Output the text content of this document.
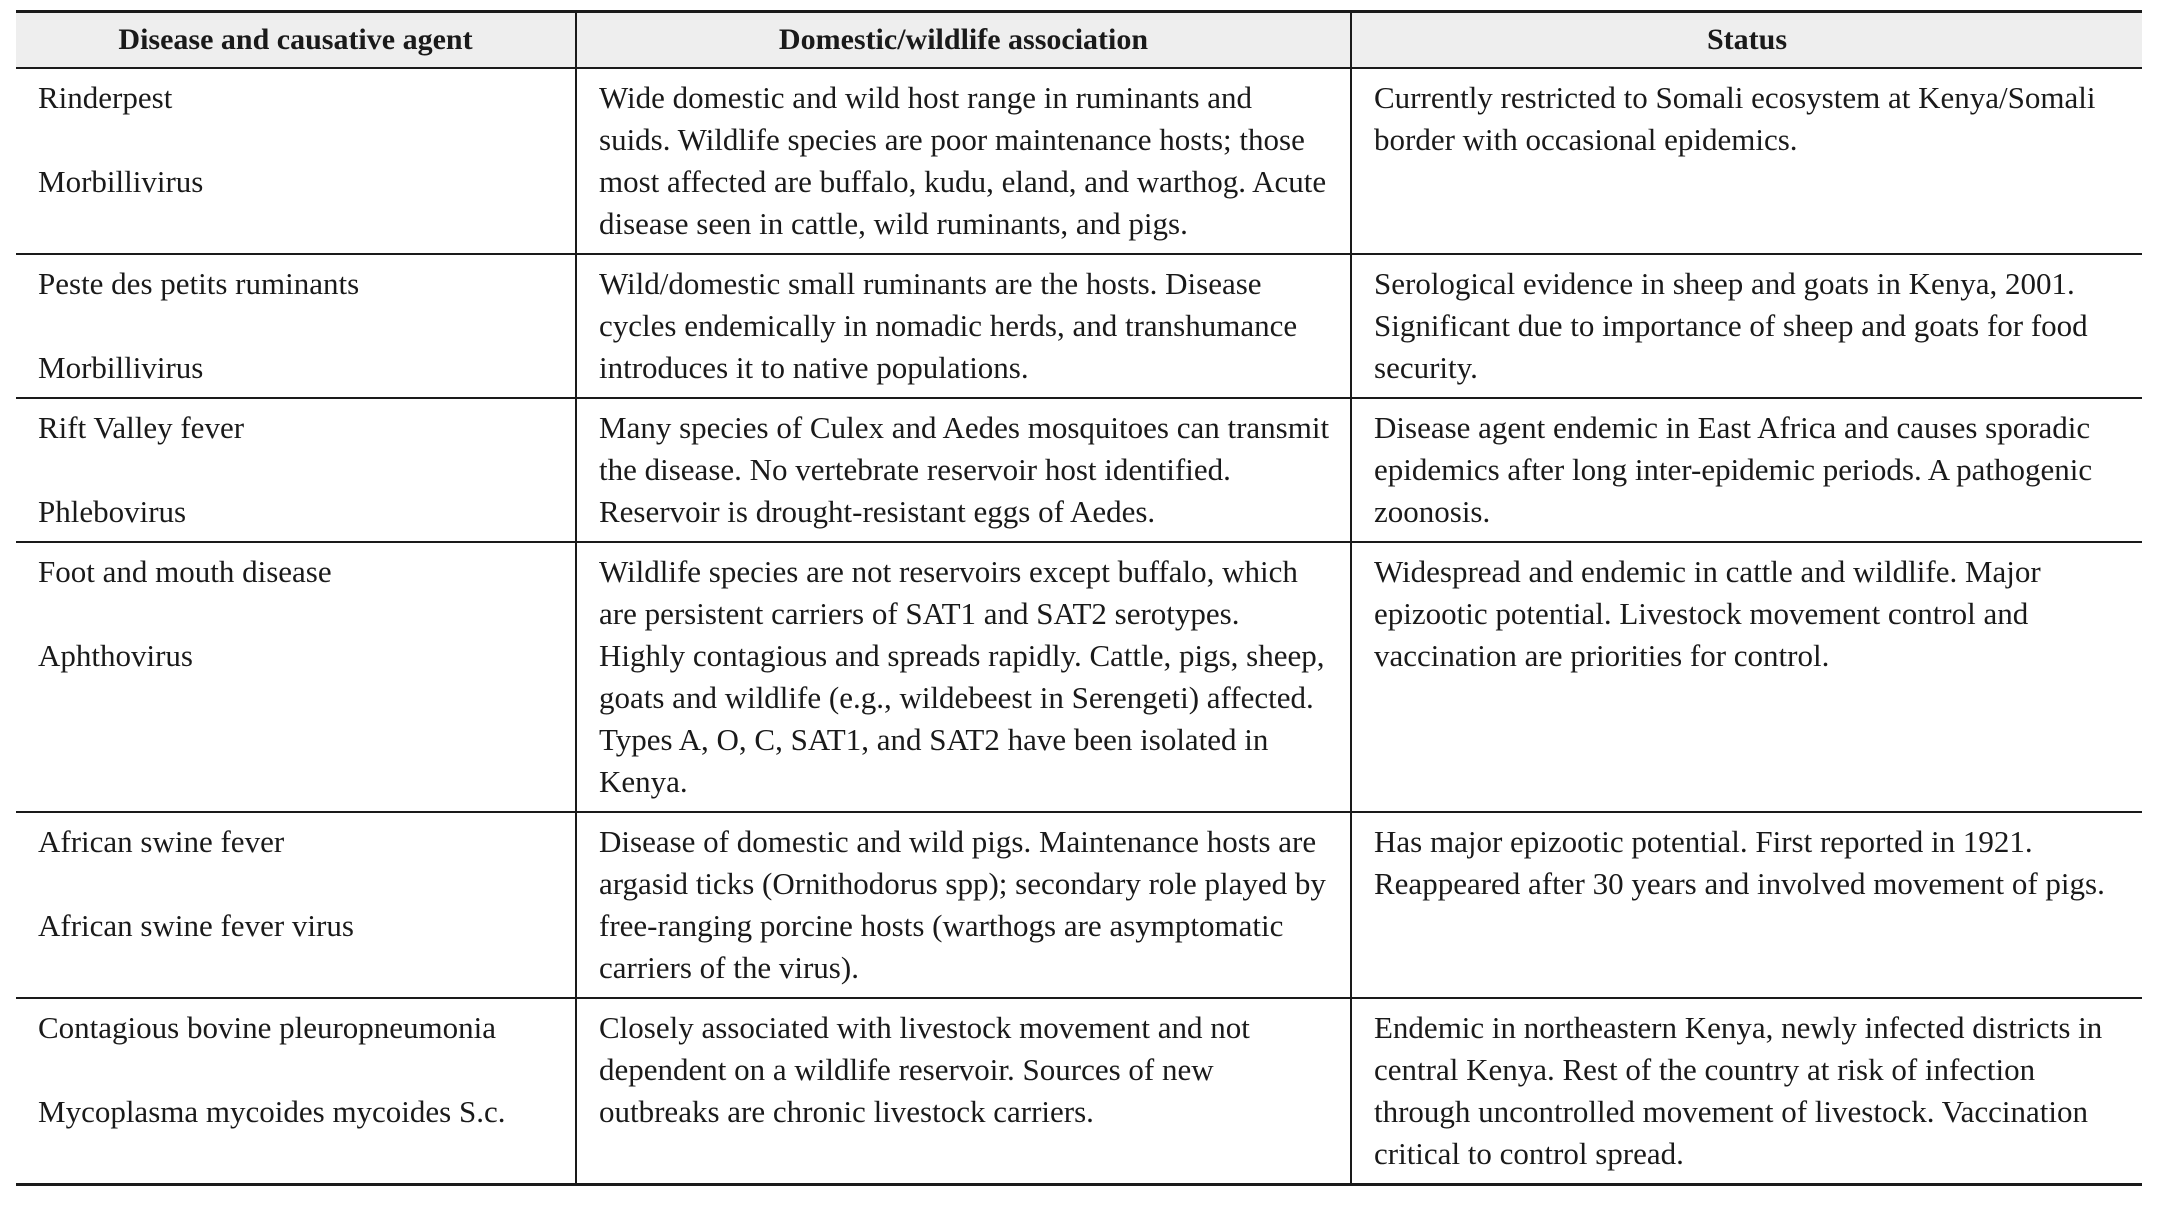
Disease and causative agent	Domestic/wildlife association	Status

Rinderpest
Morbillivirus	Wide domestic and wild host range in ruminants and suids. Wildlife species are poor maintenance hosts; those most affected are buffalo, kudu, eland, and warthog. Acute disease seen in cattle, wild ruminants, and pigs.	Currently restricted to Somali ecosystem at Kenya/Somali border with occasional epidemics.

Peste des petits ruminants
Morbillivirus	Wild/domestic small ruminants are the hosts. Disease cycles endemically in nomadic herds, and transhumance introduces it to native populations.	Serological evidence in sheep and goats in Kenya, 2001. Significant due to importance of sheep and goats for food security.

Rift Valley fever
Phlebovirus	Many species of Culex and Aedes mosquitoes can transmit the disease. No vertebrate reservoir host identified. Reservoir is drought-resistant eggs of Aedes.	Disease agent endemic in East Africa and causes sporadic epidemics after long inter-epidemic periods. A pathogenic zoonosis.

Foot and mouth disease
Aphthovirus	Wildlife species are not reservoirs except buffalo, which are persistent carriers of SAT1 and SAT2 serotypes. Highly contagious and spreads rapidly. Cattle, pigs, sheep, goats and wildlife (e.g., wildebeest in Serengeti) affected. Types A, O, C, SAT1, and SAT2 have been isolated in Kenya.	Widespread and endemic in cattle and wildlife. Major epizootic potential. Livestock movement control and vaccination are priorities for control.

African swine fever
African swine fever virus	Disease of domestic and wild pigs. Maintenance hosts are argasid ticks (Ornithodorus spp); secondary role played by free-ranging porcine hosts (warthogs are asymptomatic carriers of the virus).	Has major epizootic potential. First reported in 1921. Reappeared after 30 years and involved movement of pigs.

Contagious bovine pleuropneumonia
Mycoplasma mycoides mycoides S.c.	Closely associated with livestock movement and not dependent on a wildlife reservoir. Sources of new outbreaks are chronic livestock carriers.	Endemic in northeastern Kenya, newly infected districts in central Kenya. Rest of the country at risk of infection through uncontrolled movement of livestock. Vaccination critical to control spread.
